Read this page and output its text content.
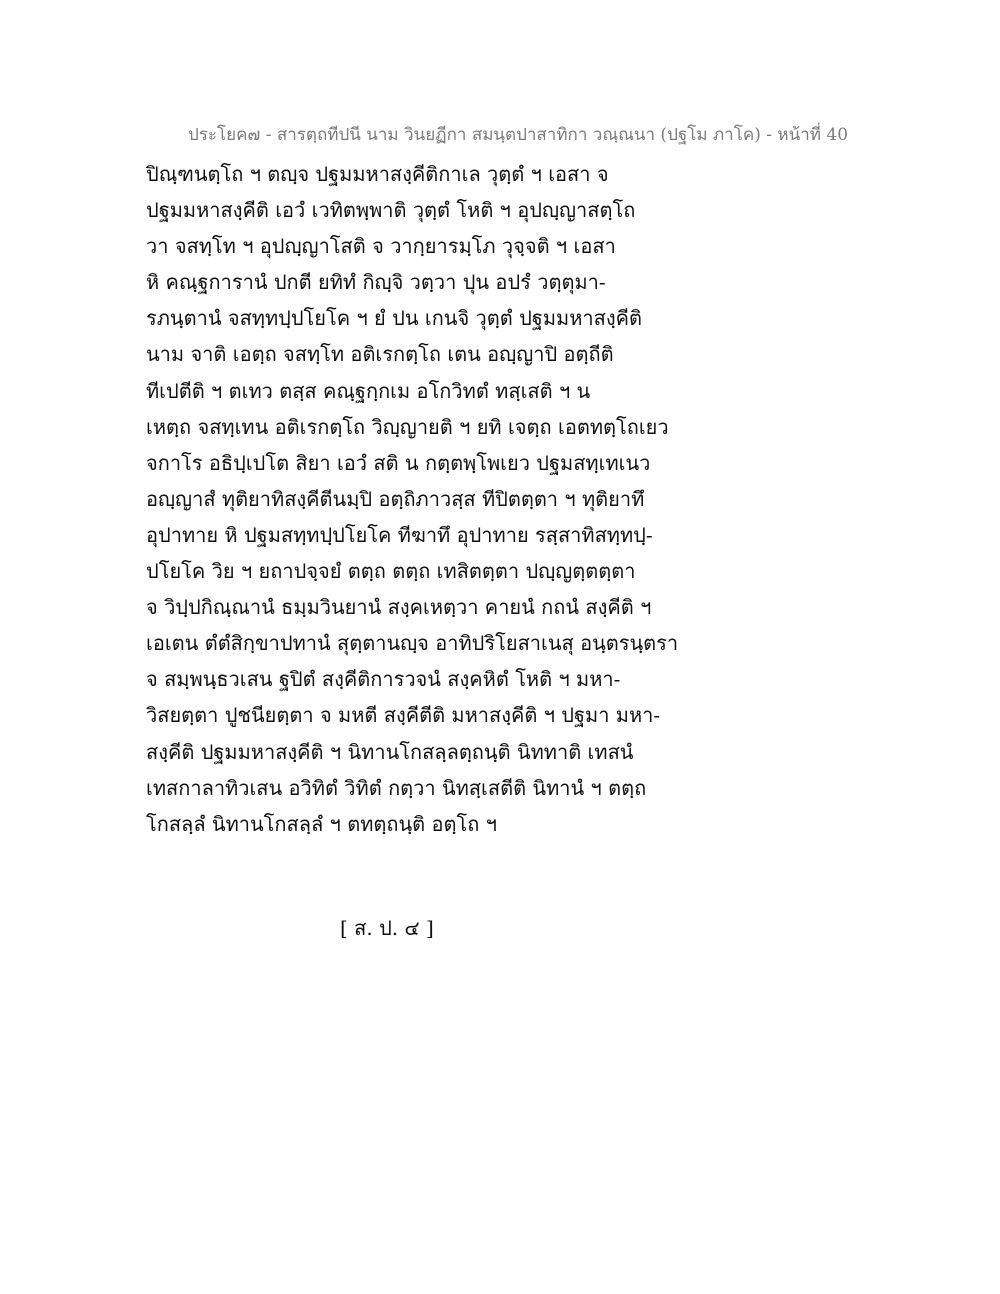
ประโยค๗ - สารตฺถทีปนี นาม วินยฏีกา สมนฺตปาสาทิกา วณฺณนา (ปฐโม ภาโค) - หน้าที่ 40
ปิณฺฑนตฺโถ ฯ ตญฺจ ปฐมมหาสงฺคีติกาเล วุตฺตํ ฯ เอสา จ
ปฐมมหาสงฺคีติ เอวํ เวทิตพฺพาติ วุตฺตํ โหติ ฯ อุปญฺญาสตฺโถ
วา จสทฺโท ฯ อุปญฺญาโสติ จ วากฺยารมฺโภ วุจฺจติ ฯ เอสา
หิ คณฺฐการานํ ปกตี ยทิทํ กิญฺจิ วตฺวา ปุน อปรํ วตฺตุมา-
รภนฺตานํ จสทฺทปฺปโยโค ฯ ยํ ปน เกนจิ วุตฺตํ ปฐมมหาสงฺคีติ
นาม จาติ เอตฺถ จสทฺโท อติเรกตฺโถ เตน อญฺญาปิ อตฺถีติ
ทีเปตีติ ฯ ตเทว ตสฺส คณฺฐกฺกเม อโกวิทตํ ทสฺเสติ ฯ น
เหตฺถ จสทฺเทน อติเรกตฺโถ วิญฺญายติ ฯ ยทิ เจตฺถ เอตทตฺโถเยว
จกาโร อธิปฺเปโต สิยา เอวํ สติ น กตฺตพฺโพเยว ปฐมสทฺเทเนว
อญฺญาสํ ทุติยาทิสงฺคีตีนมฺปิ อตฺถิภาวสฺส ทีปิตตฺตา ฯ ทุติยาทึ
อุปาทาย หิ ปฐมสทฺทปฺปโยโค ทีฆาทึ อุปาทาย รสฺสาทิสทฺทปฺ-
ปโยโค วิย ฯ ยถาปจฺจยํ ตตฺถ ตตฺถ เทสิตตฺตา ปญฺญตฺตตฺตา
จ วิปฺปกิณฺณานํ ธมฺมวินยานํ สงฺคเหตฺวา คายนํ กถนํ สงฺคีติ ฯ
เอเตน ตํตํสิกฺขาปทานํ สุตฺตานญฺจ อาทิปริโยสาเนสุ อนฺตรนฺตรา
จ สมฺพนฺธวเสน ฐปิตํ สงฺคีติการวจนํ สงฺคหิตํ โหติ ฯ มหา-
วิสยตฺตา ปูชนียตฺตา จ มหตี สงฺคีตีติ มหาสงฺคีติ ฯ ปฐมา มหา-
สงฺคีติ ปฐมมหาสงฺคีติ ฯ นิทานโกสลฺลตฺถนฺติ นิททาติ เทสนํ
เทสกาลาทิวเสน อวิทิตํ วิทิตํ กตฺวา นิทสฺเสตีติ นิทานํ ฯ ตตฺถ
โกสลฺลํ นิทานโกสลฺลํ ฯ ตทตฺถนฺติ อตฺโถ ฯ
[ ส. ป. ๔ ]
